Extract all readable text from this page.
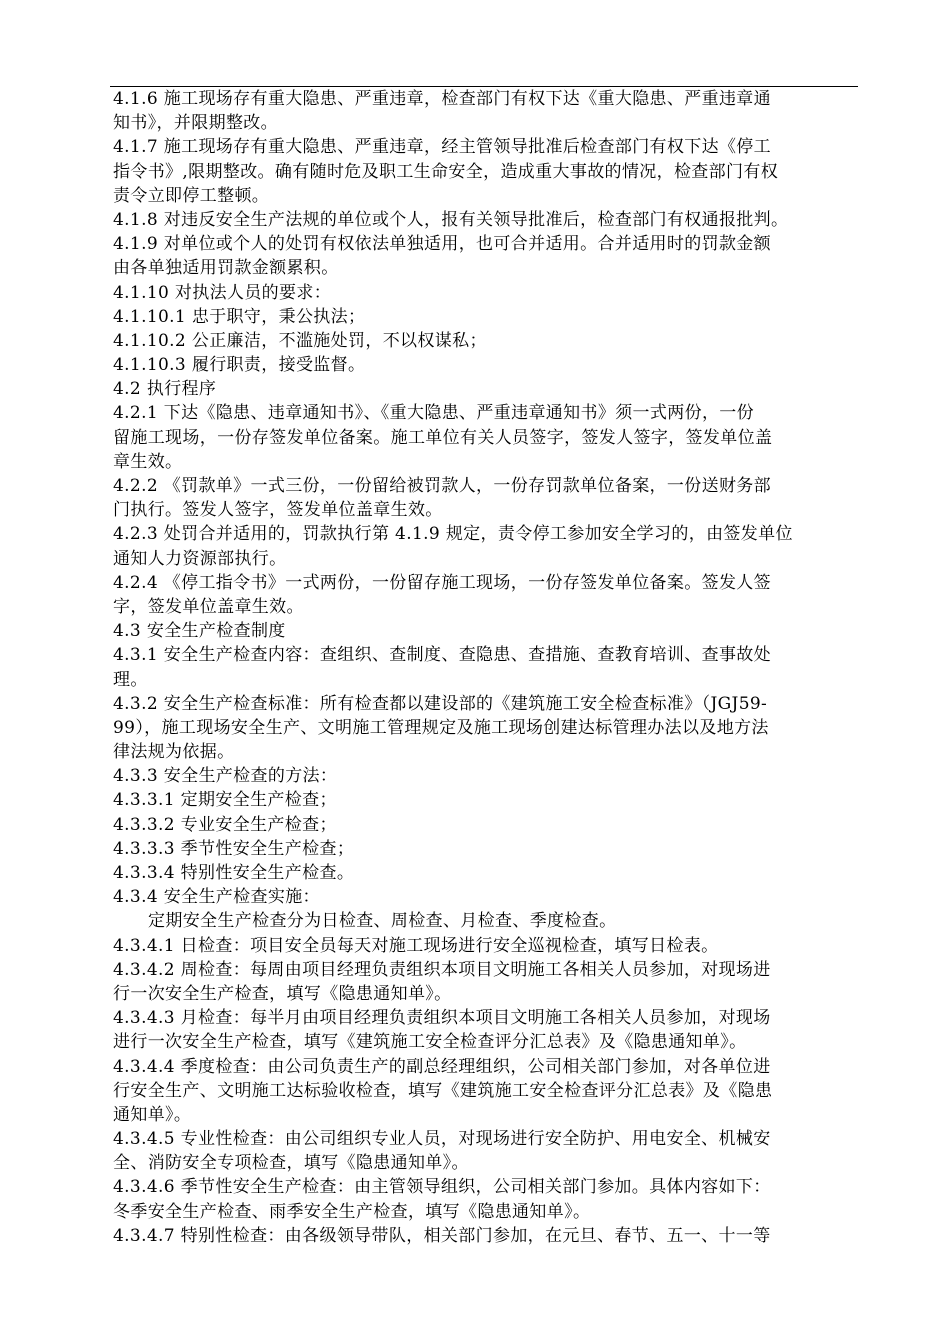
4.1.6 施工现场存有重大隐患、严重违章，检查部门有权下达《重大隐患、严重违章通
知书》，并限期整改。
4.1.7 施工现场存有重大隐患、严重违章，经主管领导批准后检查部门有权下达《停工
指令书》,限期整改。确有随时危及职工生命安全，造成重大事故的情况，检查部门有权
责令立即停工整顿。
4.1.8 对违反安全生产法规的单位或个人，报有关领导批准后，检查部门有权通报批判。
4.1.9 对单位或个人的处罚有权依法单独适用，也可合并适用。合并适用时的罚款金额
由各单独适用罚款金额累积。
4.1.10 对执法人员的要求：
4.1.10.1 忠于职守，秉公执法；
4.1.10.2 公正廉洁，不滥施处罚，不以权谋私；
4.1.10.3 履行职责，接受监督。
4.2 执行程序
4.2.1 下达《隐患、违章通知书》、《重大隐患、严重违章通知书》须一式两份，一份
留施工现场，一份存签发单位备案。施工单位有关人员签字，签发人签字，签发单位盖
章生效。
4.2.2 《罚款单》一式三份，一份留给被罚款人，一份存罚款单位备案，一份送财务部
门执行。签发人签字，签发单位盖章生效。
4.2.3 处罚合并适用的，罚款执行第 4.1.9 规定，责令停工参加安全学习的，由签发单位
通知人力资源部执行。
4.2.4 《停工指令书》一式两份，一份留存施工现场，一份存签发单位备案。签发人签
字，签发单位盖章生效。
4.3 安全生产检查制度
4.3.1 安全生产检查内容：查组织、查制度、查隐患、查措施、查教育培训、查事故处
理。
4.3.2 安全生产检查标准：所有检查都以建设部的《建筑施工安全检查标准》（JGJ59-
99），施工现场安全生产、文明施工管理规定及施工现场创建达标管理办法以及地方法
律法规为依据。
4.3.3 安全生产检查的方法：
4.3.3.1 定期安全生产检查；
4.3.3.2 专业安全生产检查；
4.3.3.3 季节性安全生产检查；
4.3.3.4 特别性安全生产检查。
4.3.4 安全生产检查实施：
定期安全生产检查分为日检查、周检查、月检查、季度检查。
4.3.4.1 日检查：项目安全员每天对施工现场进行安全巡视检查，填写日检表。
4.3.4.2 周检查：每周由项目经理负责组织本项目文明施工各相关人员参加，对现场进
行一次安全生产检查，填写《隐患通知单》。
4.3.4.3 月检查：每半月由项目经理负责组织本项目文明施工各相关人员参加，对现场
进行一次安全生产检查，填写《建筑施工安全检查评分汇总表》及《隐患通知单》。
4.3.4.4 季度检查：由公司负责生产的副总经理组织，公司相关部门参加，对各单位进
行安全生产、文明施工达标验收检查，填写《建筑施工安全检查评分汇总表》及《隐患
通知单》。
4.3.4.5 专业性检查：由公司组织专业人员，对现场进行安全防护、用电安全、机械安
全、消防安全专项检查，填写《隐患通知单》。
4.3.4.6 季节性安全生产检查：由主管领导组织，公司相关部门参加。具体内容如下：
冬季安全生产检查、雨季安全生产检查，填写《隐患通知单》。
4.3.4.7 特别性检查：由各级领导带队，相关部门参加，在元旦、春节、五一、十一等
